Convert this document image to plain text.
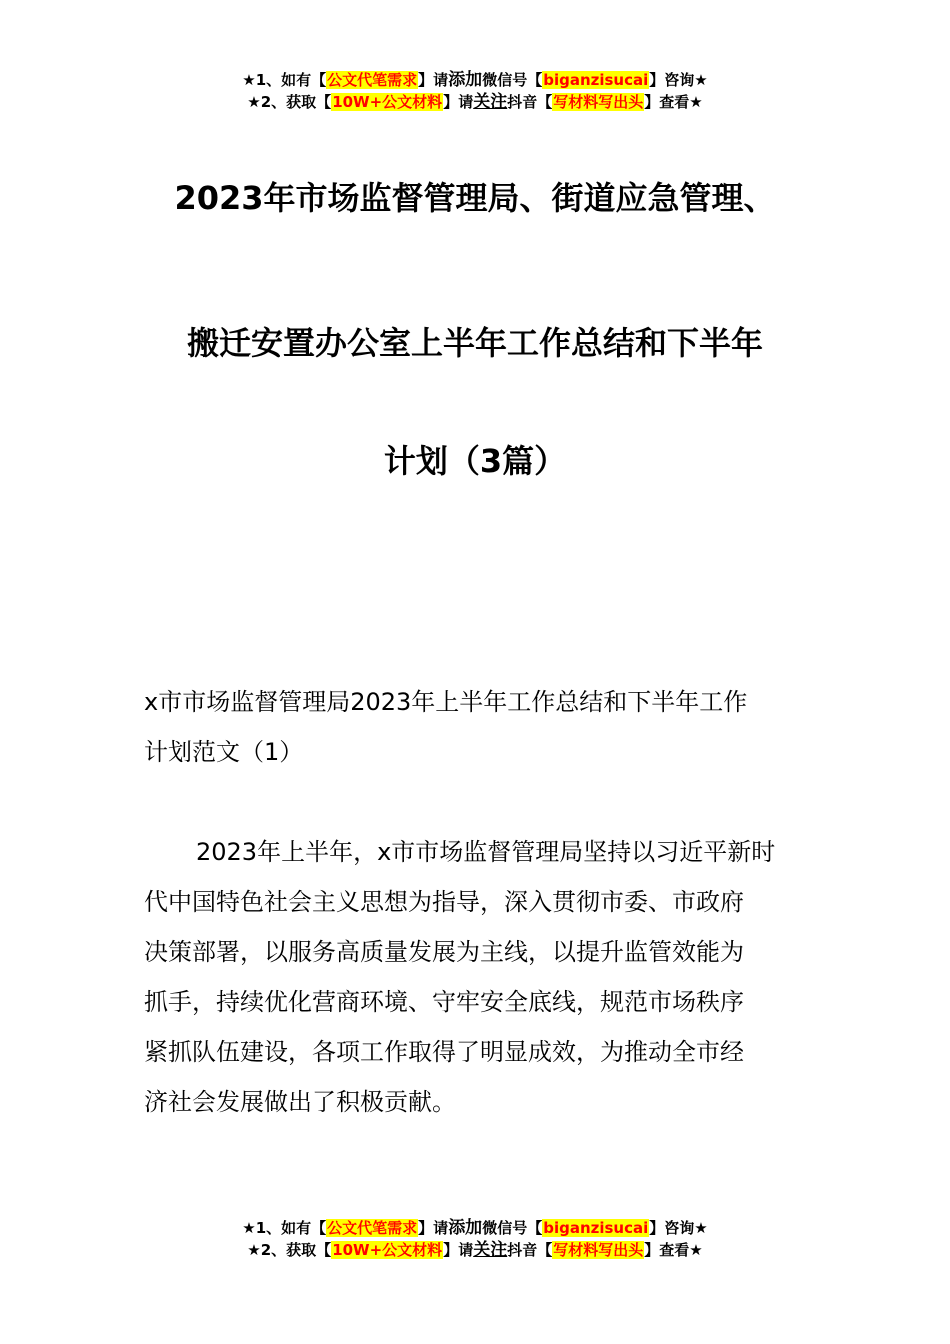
★1、如有【公文代笔需求】请添加微信号【biganzisucai】咨询★
★2、获取【10W+公文材料】请关注抖音【写材料写出头】查看★
2023年市场监督管理局、街道应急管理、
搬迁安置办公室上半年工作总结和下半年
计划（3篇）
x市市场监督管理局2023年上半年工作总结和下半年工作
计划范文（1）
2023年上半年，x市市场监督管理局坚持以习近平新时
代中国特色社会主义思想为指导，深入贯彻市委、市政府
决策部署，以服务高质量发展为主线，以提升监管效能为
抓手，持续优化营商环境、守牢安全底线，规范市场秩序
紧抓队伍建设，各项工作取得了明显成效，为推动全市经
济社会发展做出了积极贡献。
★1、如有【公文代笔需求】请添加微信号【biganzisucai】咨询★
★2、获取【10W+公文材料】请关注抖音【写材料写出头】查看★
